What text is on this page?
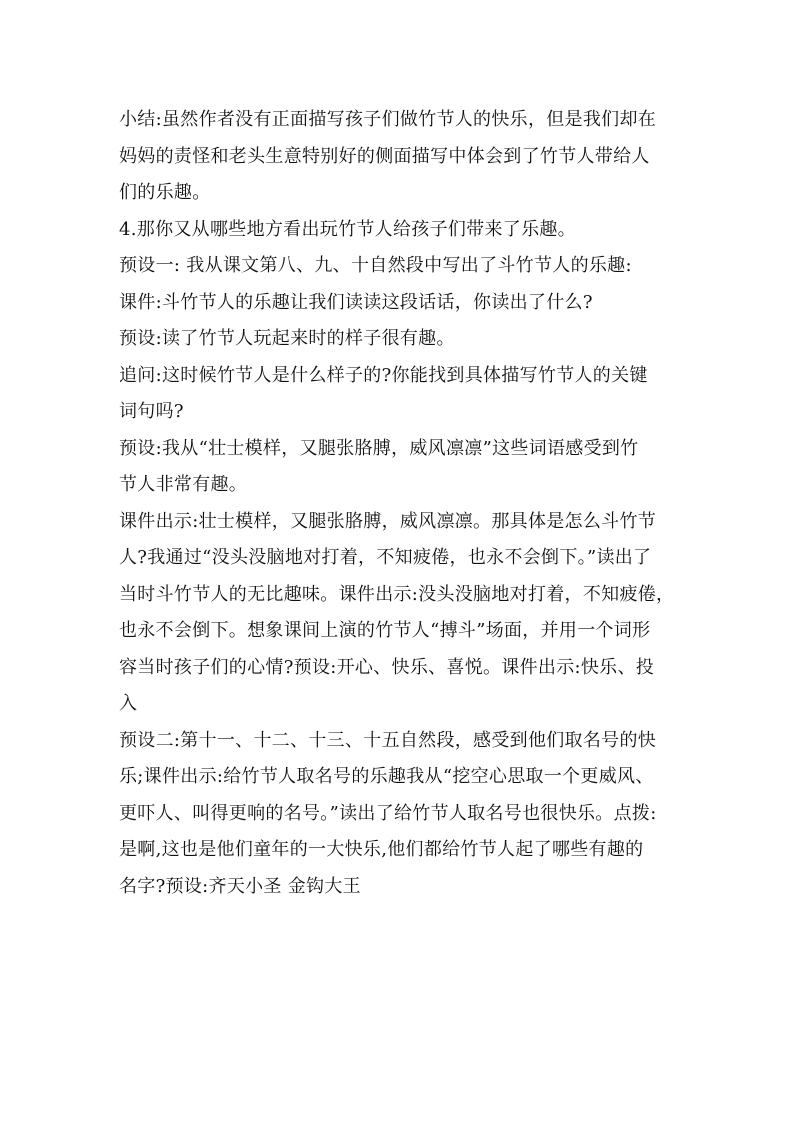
小结:虽然作者没有正面描写孩子们做竹节人的快乐，但是我们却在
妈妈的责怪和老头生意特别好的侧面描写中体会到了竹节人带给人
们的乐趣。
4.那你又从哪些地方看出玩竹节人给孩子们带来了乐趣。
预设一: 我从课文第八、九、十自然段中写出了斗竹节人的乐趣:
课件:斗竹节人的乐趣让我们读读这段话话，你读出了什么?
预设:读了竹节人玩起来时的样子很有趣。
追问:这时候竹节人是什么样子的?你能找到具体描写竹节人的关键
词句吗?
预设:我从“壮士模样，又腿张胳膊，威风凛凛”这些词语感受到竹
节人非常有趣。
课件出示:壮士模样，又腿张胳膊，威风凛凛。那具体是怎么斗竹节
人?我通过“没头没脑地对打着，不知疲倦，也永不会倒下。”读出了
当时斗竹节人的无比趣味。课件出示:没头没脑地对打着，不知疲倦，
也永不会倒下。想象课间上演的竹节人“搏斗”场面，并用一个词形
容当时孩子们的心情?预设:开心、快乐、喜悦。课件出示:快乐、投
入
预设二:第十一、十二、十三、十五自然段，感受到他们取名号的快
乐;课件出示:给竹节人取名号的乐趣我从“挖空心思取一个更威风、
更吓人、叫得更响的名号。”读出了给竹节人取名号也很快乐。点拨:
是啊,这也是他们童年的一大快乐,他们都给竹节人起了哪些有趣的
名字?预设:齐天小圣 金钩大王
